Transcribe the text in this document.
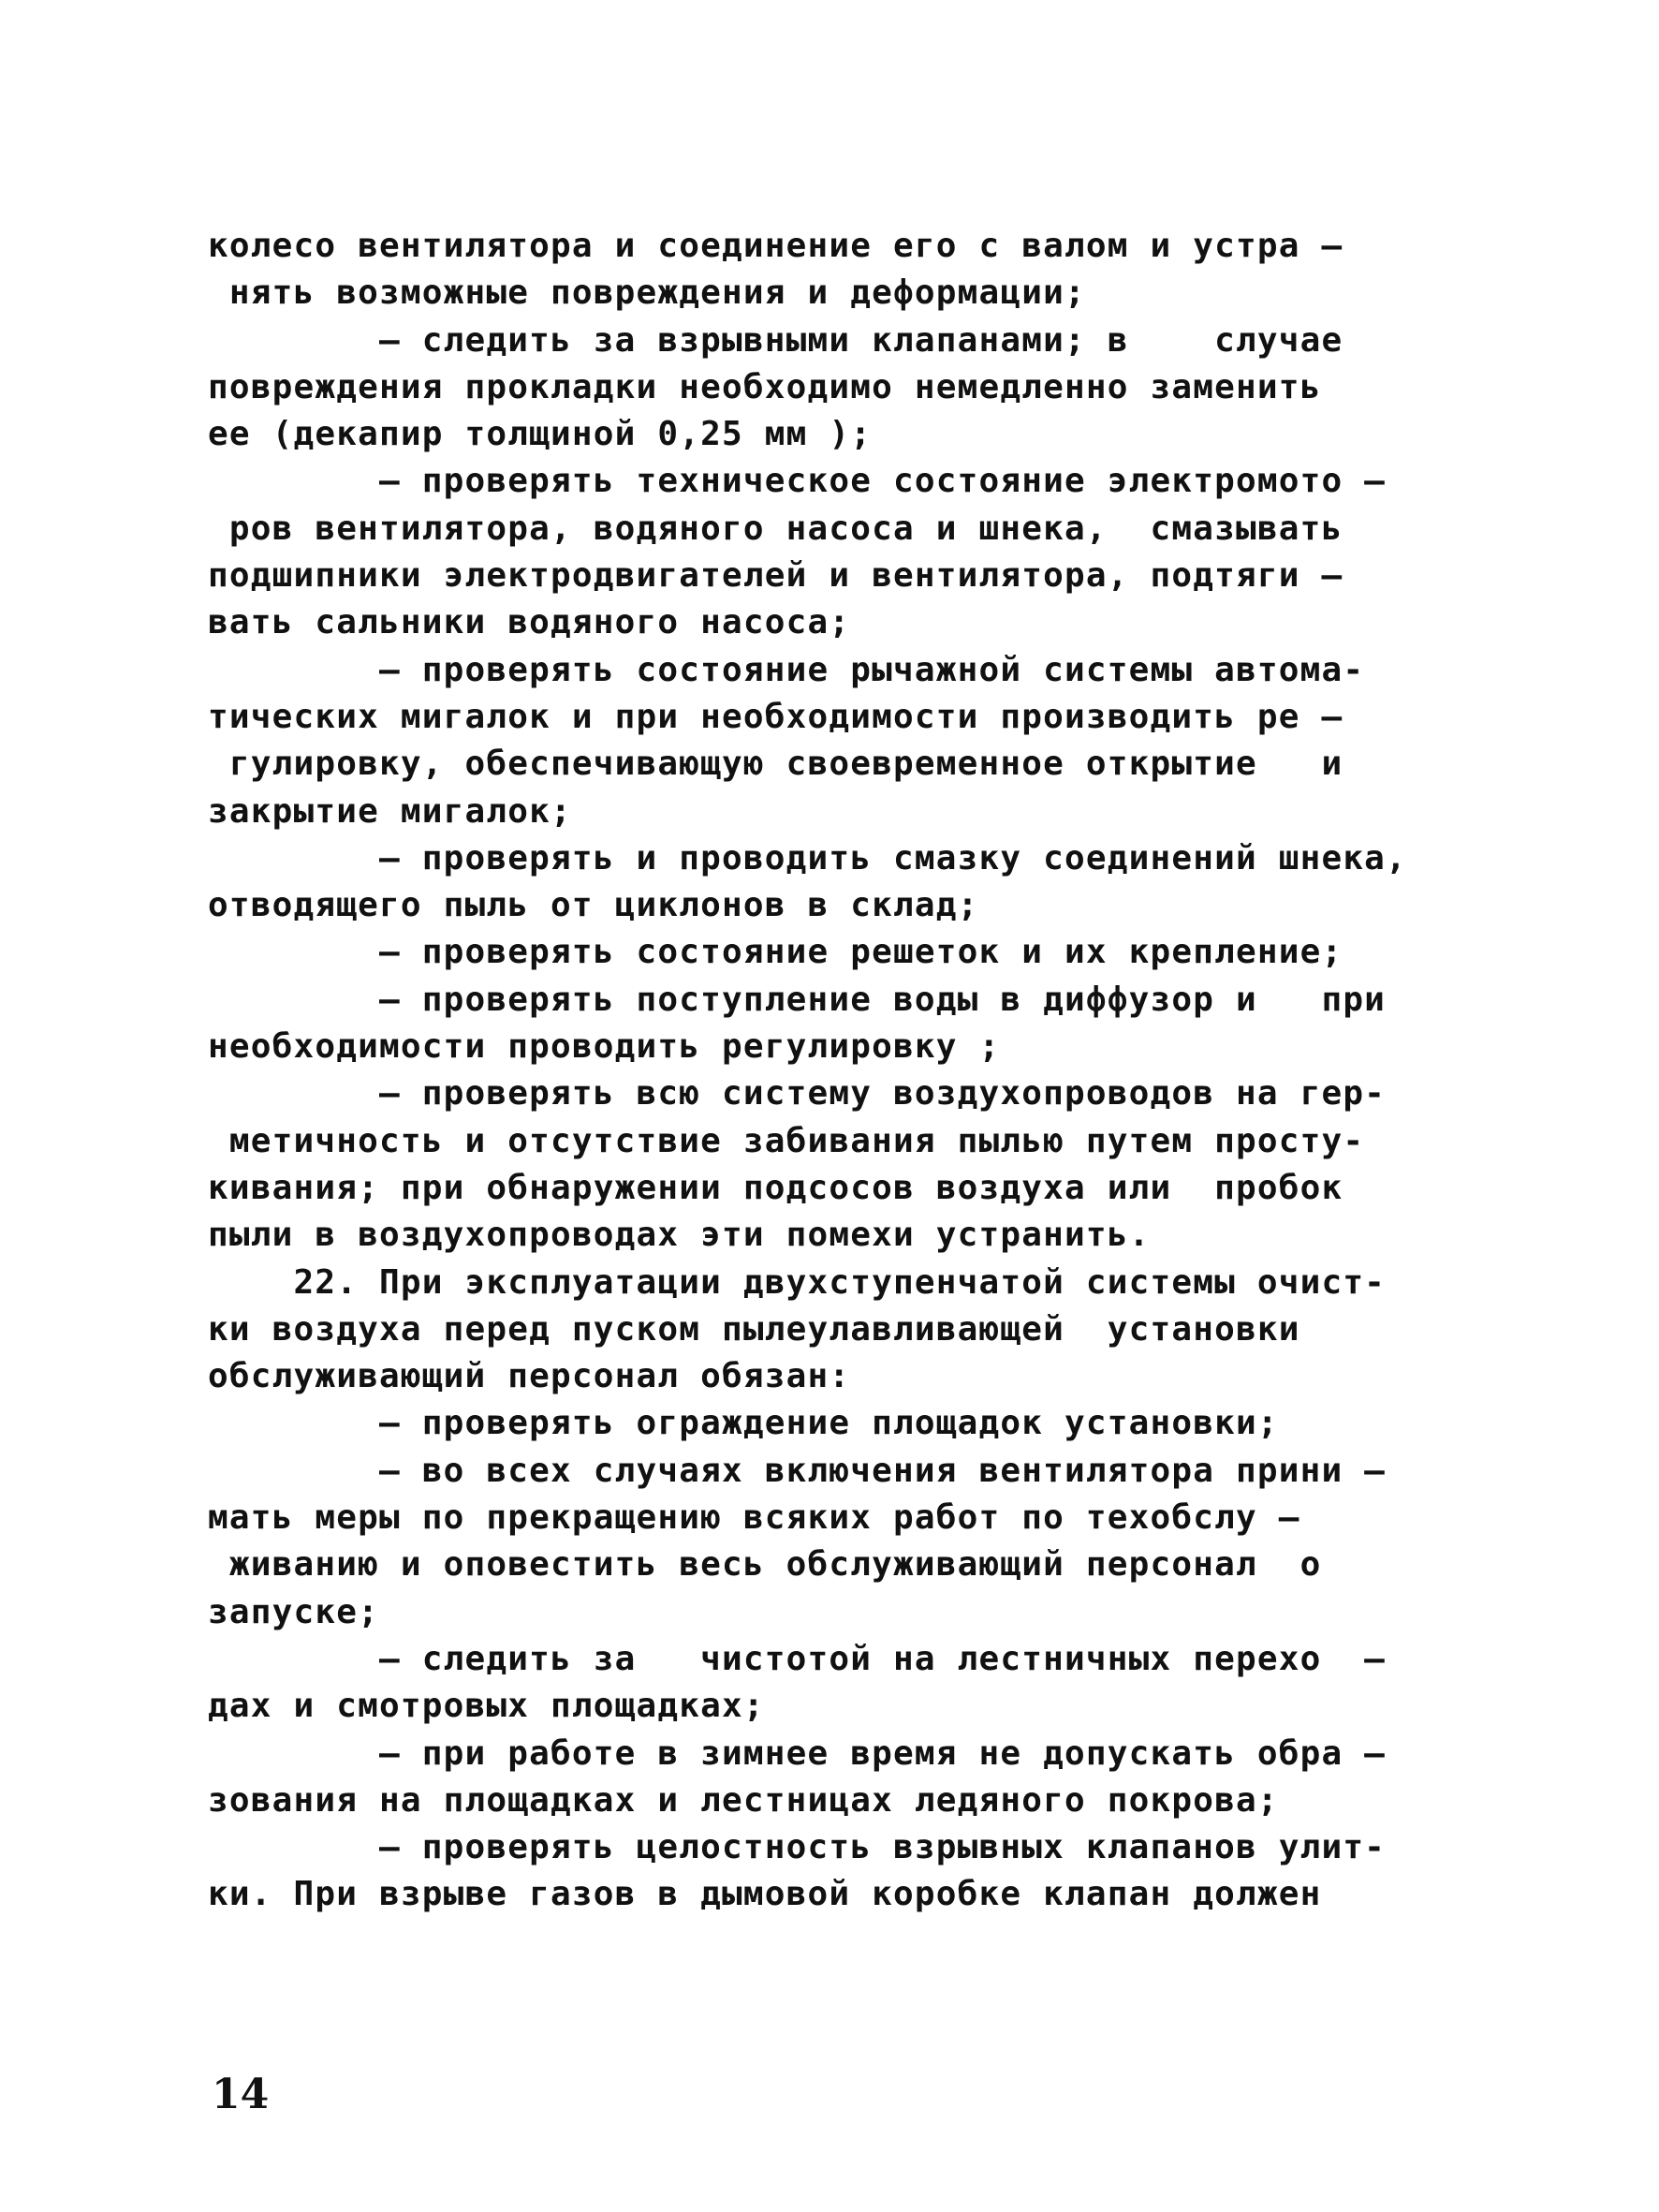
колесо вентилятора и соединение его с валом и устра –
нять возможные повреждения и деформации;
– следить за взрывными клапанами; в    случае
повреждения прокладки необходимо немедленно заменить
ее (декапир толщиной 0,25 мм );
– проверять техническое состояние электромото –
ров вентилятора, водяного насоса и шнека,  смазывать
подшипники электродвигателей и вентилятора, подтяги –
вать сальники водяного насоса;
– проверять состояние рычажной системы автома-
тических мигалок и при необходимости производить ре –
гулировку, обеспечивающую своевременное открытие   и
закрытие мигалок;
– проверять и проводить смазку соединений шнека,
отводящего пыль от циклонов в склад;
– проверять состояние решеток и их крепление;
– проверять поступление воды в диффузор и   при
необходимости проводить регулировку ;
– проверять всю систему воздухопроводов на гер-
метичность и отсутствие забивания пылью путем просту-
кивания; при обнаружении подсосов воздуха или  пробок
пыли в воздухопроводах эти помехи устранить.
22. При эксплуатации двухступенчатой системы очист-
ки воздуха перед пуском пылеулавливающей  установки
обслуживающий персонал обязан:
– проверять ограждение площадок установки;
– во всех случаях включения вентилятора прини –
мать меры по прекращению всяких работ по техобслу –
живанию и оповестить весь обслуживающий персонал  о
запуске;
– следить за   чистотой на лестничных перехо  –
дах и смотровых площадках;
– при работе в зимнее время не допускать обра –
зования на площадках и лестницах ледяного покрова;
– проверять целостность взрывных клапанов улит-
ки. При взрыве газов в дымовой коробке клапан должен
14
